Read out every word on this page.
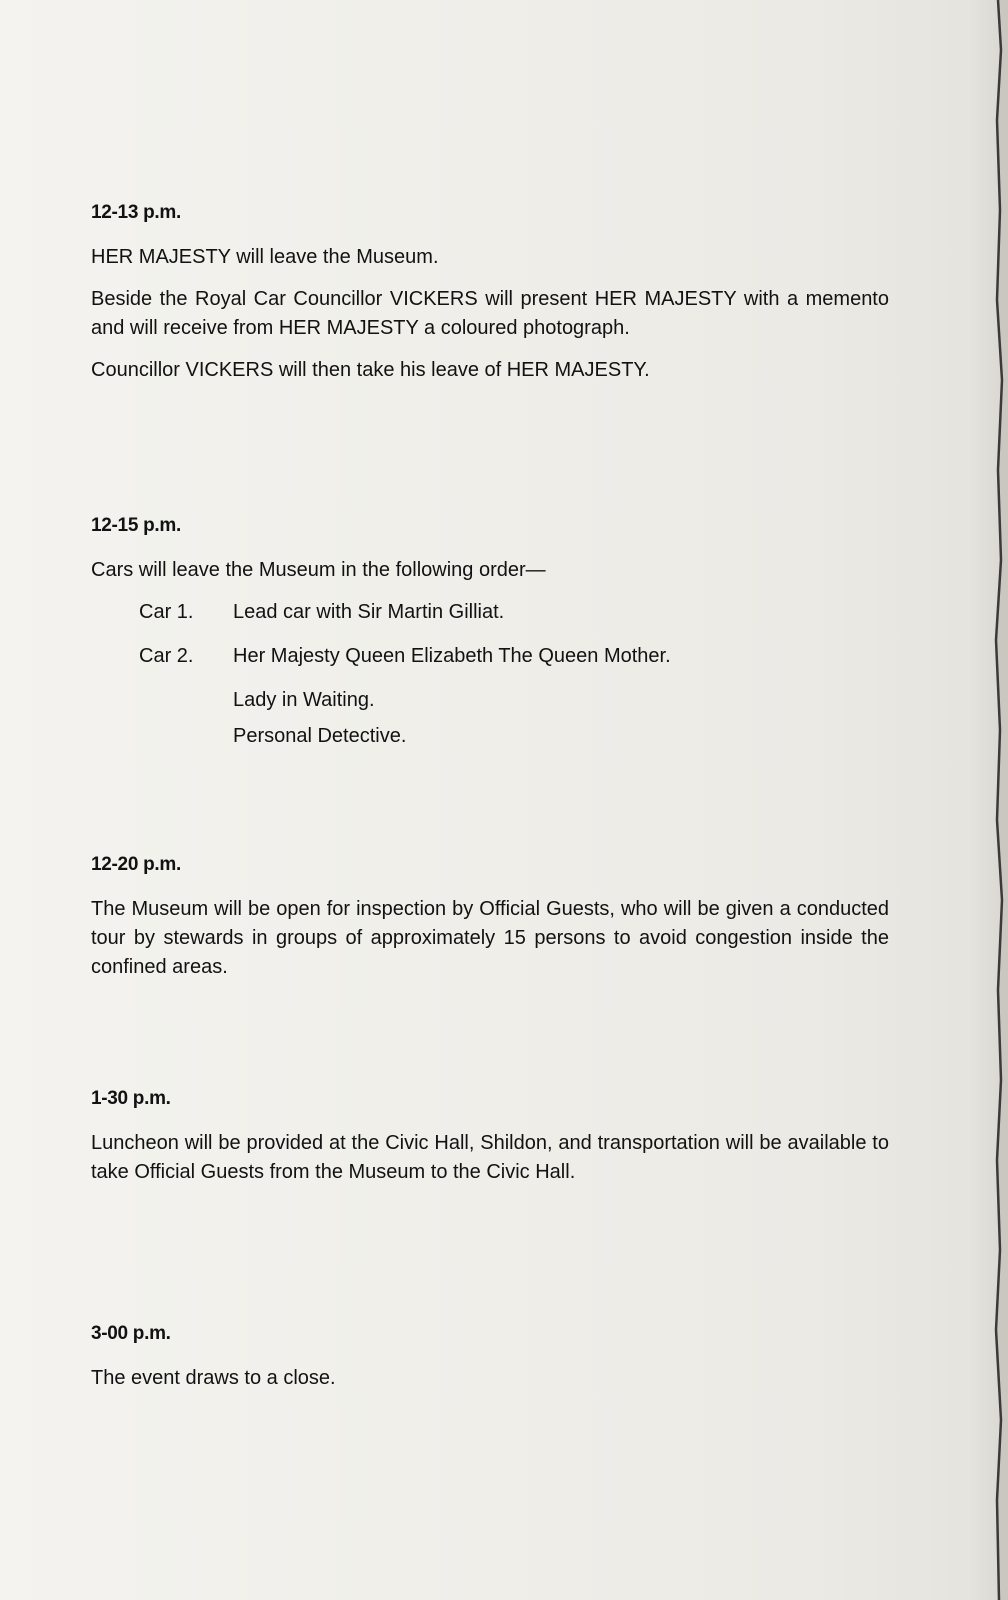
12-13 p.m.
HER MAJESTY will leave the Museum.
Beside the Royal Car Councillor VICKERS will present HER MAJESTY with a memento and will receive from HER MAJESTY a coloured photograph.
Councillor VICKERS will then take his leave of HER MAJESTY.
12-15 p.m.
Cars will leave the Museum in the following order—
Car 1.	Lead car with Sir Martin Gilliat.
Car 2.	Her Majesty Queen Elizabeth The Queen Mother.
Lady in Waiting.
Personal Detective.
12-20 p.m.
The Museum will be open for inspection by Official Guests, who will be given a conducted tour by stewards in groups of approximately 15 persons to avoid congestion inside the confined areas.
1-30 p.m.
Luncheon will be provided at the Civic Hall, Shildon, and transportation will be available to take Official Guests from the Museum to the Civic Hall.
3-00 p.m.
The event draws to a close.
